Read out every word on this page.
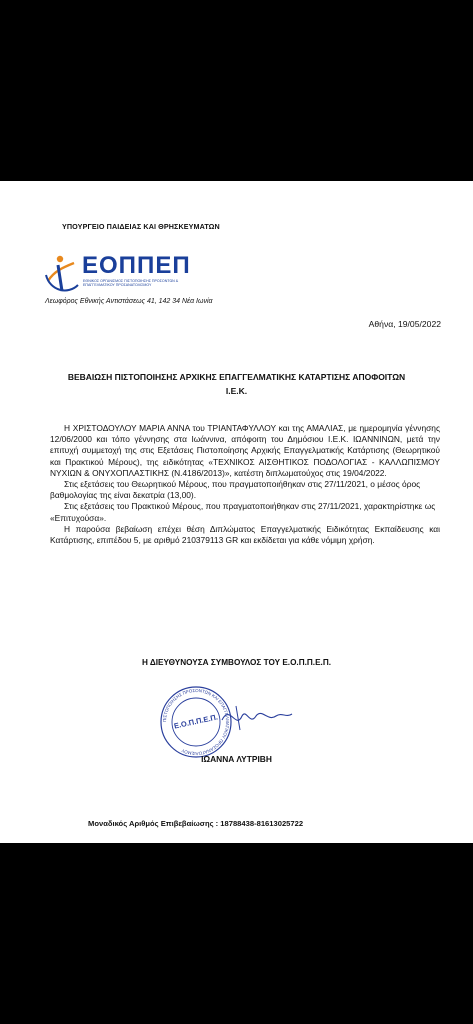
ΥΠΟΥΡΓΕΙΟ ΠΑΙΔΕΙΑΣ ΚΑΙ ΘΡΗΣΚΕΥΜΑΤΩΝ
ΕΟΠΠΕΠ
ΕΘΝΙΚΟΣ ΟΡΓΑΝΙΣΜΟΣ ΠΙΣΤΟΠΟΙΗΣΗΣ ΠΡΟΣΟΝΤΩΝ & ΕΠΑΓΓΕΛΜΑΤΙΚΟΥ ΠΡΟΣΑΝΑΤΟΛΙΣΜΟΥ
Λεωφόρος Εθνικής Αντιστάσεως 41, 142 34 Νέα Ιωνία
Αθήνα, 19/05/2022
ΒΕΒΑΙΩΣΗ ΠΙΣΤΟΠΟΙΗΣΗΣ ΑΡΧΙΚΗΣ ΕΠΑΓΓΕΛΜΑΤΙΚΗΣ ΚΑΤΑΡΤΙΣΗΣ ΑΠΟΦΟΙΤΩΝ
Ι.Ε.Κ.

Η ΧΡΙΣΤΟΔΟΥΛΟΥ ΜΑΡΙΑ ΑΝΝΑ του ΤΡΙΑΝΤΑΦΥΛΛΟΥ και της ΑΜΑΛΙΑΣ, με ημερομηνία γέννησης 12/06/2000 και τόπο γέννησης στα Ιωάννινα, απόφοιτη του Δημόσιου Ι.Ε.Κ. ΙΩΑΝΝΙΝΩΝ, μετά την επιτυχή συμμετοχή της στις Εξετάσεις Πιστοποίησης Αρχικής Επαγγελματικής Κατάρτισης (Θεωρητικού και Πρακτικού Μέρους), της ειδικότητας «ΤΕΧΝΙΚΟΣ ΑΙΣΘΗΤΙΚΟΣ ΠΟΔΟΛΟΓΙΑΣ - ΚΑΛΛΩΠΙΣΜΟΥ ΝΥΧΙΩΝ & ΟΝΥΧΟΠΛΑΣΤΙΚΗΣ (Ν.4186/2013)», κατέστη διπλωματούχος στις 19/04/2022.

Στις εξετάσεις του Θεωρητικού Μέρους, που πραγματοποιήθηκαν στις 27/11/2021, ο μέσος όρος βαθμολογίας της είναι δεκατρία (13,00).

Στις εξετάσεις του Πρακτικού Μέρους, που πραγματοποιήθηκαν στις 27/11/2021, χαρακτηρίστηκε ως «Επιτυχούσα».

Η παρούσα βεβαίωση επέχει θέση Διπλώματος Επαγγελματικής Ειδικότητας Εκπαίδευσης και Κατάρτισης, επιπέδου 5, με αριθμό 210379113 GR και εκδίδεται για κάθε νόμιμη χρήση.

Η ΔΙΕΥΘΥΝΟΥΣΑ ΣΥΜΒΟΥΛΟΣ ΤΟΥ Ε.Ο.Π.Π.Ε.Π.
ΠΙΣΤΟΠΟΙΗΣΗΣ ΠΡΟΣΟΝΤΩΝ ΚΑΙ ΕΠΑΓΓΕΛΜΑΤΙΚΟΥ ΠΡΟΣΑΝΑΤΟΛΙΣΜΟΥ
Ε.Ο.Π.Π.Ε.Π.
ΙΩΑΝΝΑ ΛΥΤΡΙΒΗ
Μοναδικός Αριθμός Επιβεβαίωσης : 18788438-81613025722
